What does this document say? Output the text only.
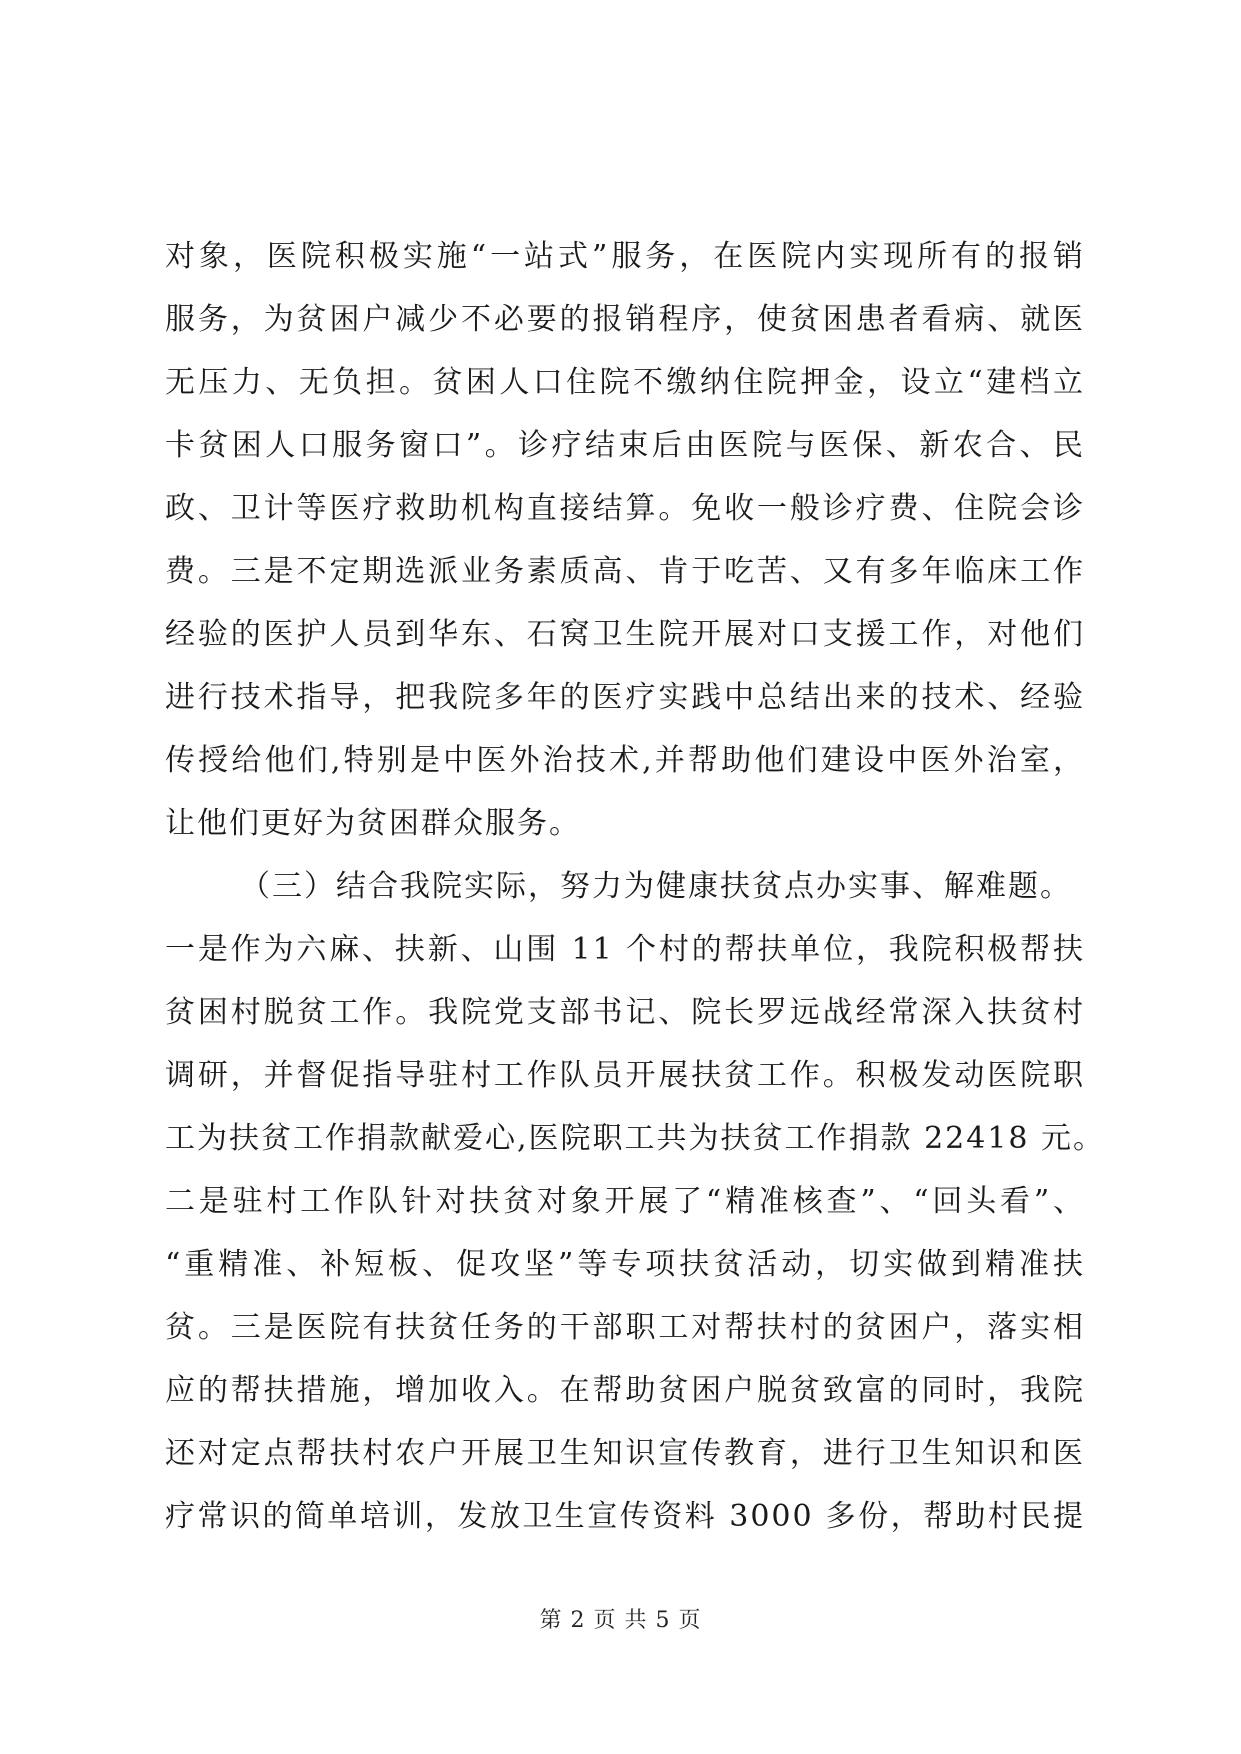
对象，医院积极实施“一站式”服务，在医院内实现所有的报销
服务，为贫困户减少不必要的报销程序，使贫困患者看病、就医
无压力、无负担。贫困人口住院不缴纳住院押金，设立“建档立
卡贫困人口服务窗口”。诊疗结束后由医院与医保、新农合、民
政、卫计等医疗救助机构直接结算。免收一般诊疗费、住院会诊
费。三是不定期选派业务素质高、肯于吃苦、又有多年临床工作
经验的医护人员到华东、石窝卫生院开展对口支援工作，对他们
进行技术指导，把我院多年的医疗实践中总结出来的技术、经验
传授给他们,特别是中医外治技术,并帮助他们建设中医外治室，
让他们更好为贫困群众服务。
（三）结合我院实际，努力为健康扶贫点办实事、解难题。
一是作为六麻、扶新、山围 11 个村的帮扶单位，我院积极帮扶
贫困村脱贫工作。我院党支部书记、院长罗远战经常深入扶贫村
调研，并督促指导驻村工作队员开展扶贫工作。积极发动医院职
工为扶贫工作捐款献爱心,医院职工共为扶贫工作捐款 22418 元。
二是驻村工作队针对扶贫对象开展了“精准核查”、“回头看”、
“重精准、补短板、促攻坚”等专项扶贫活动，切实做到精准扶
贫。三是医院有扶贫任务的干部职工对帮扶村的贫困户，落实相
应的帮扶措施，增加收入。在帮助贫困户脱贫致富的同时，我院
还对定点帮扶村农户开展卫生知识宣传教育，进行卫生知识和医
疗常识的简单培训，发放卫生宣传资料 3000 多份，帮助村民提
第 2 页 共 5 页
